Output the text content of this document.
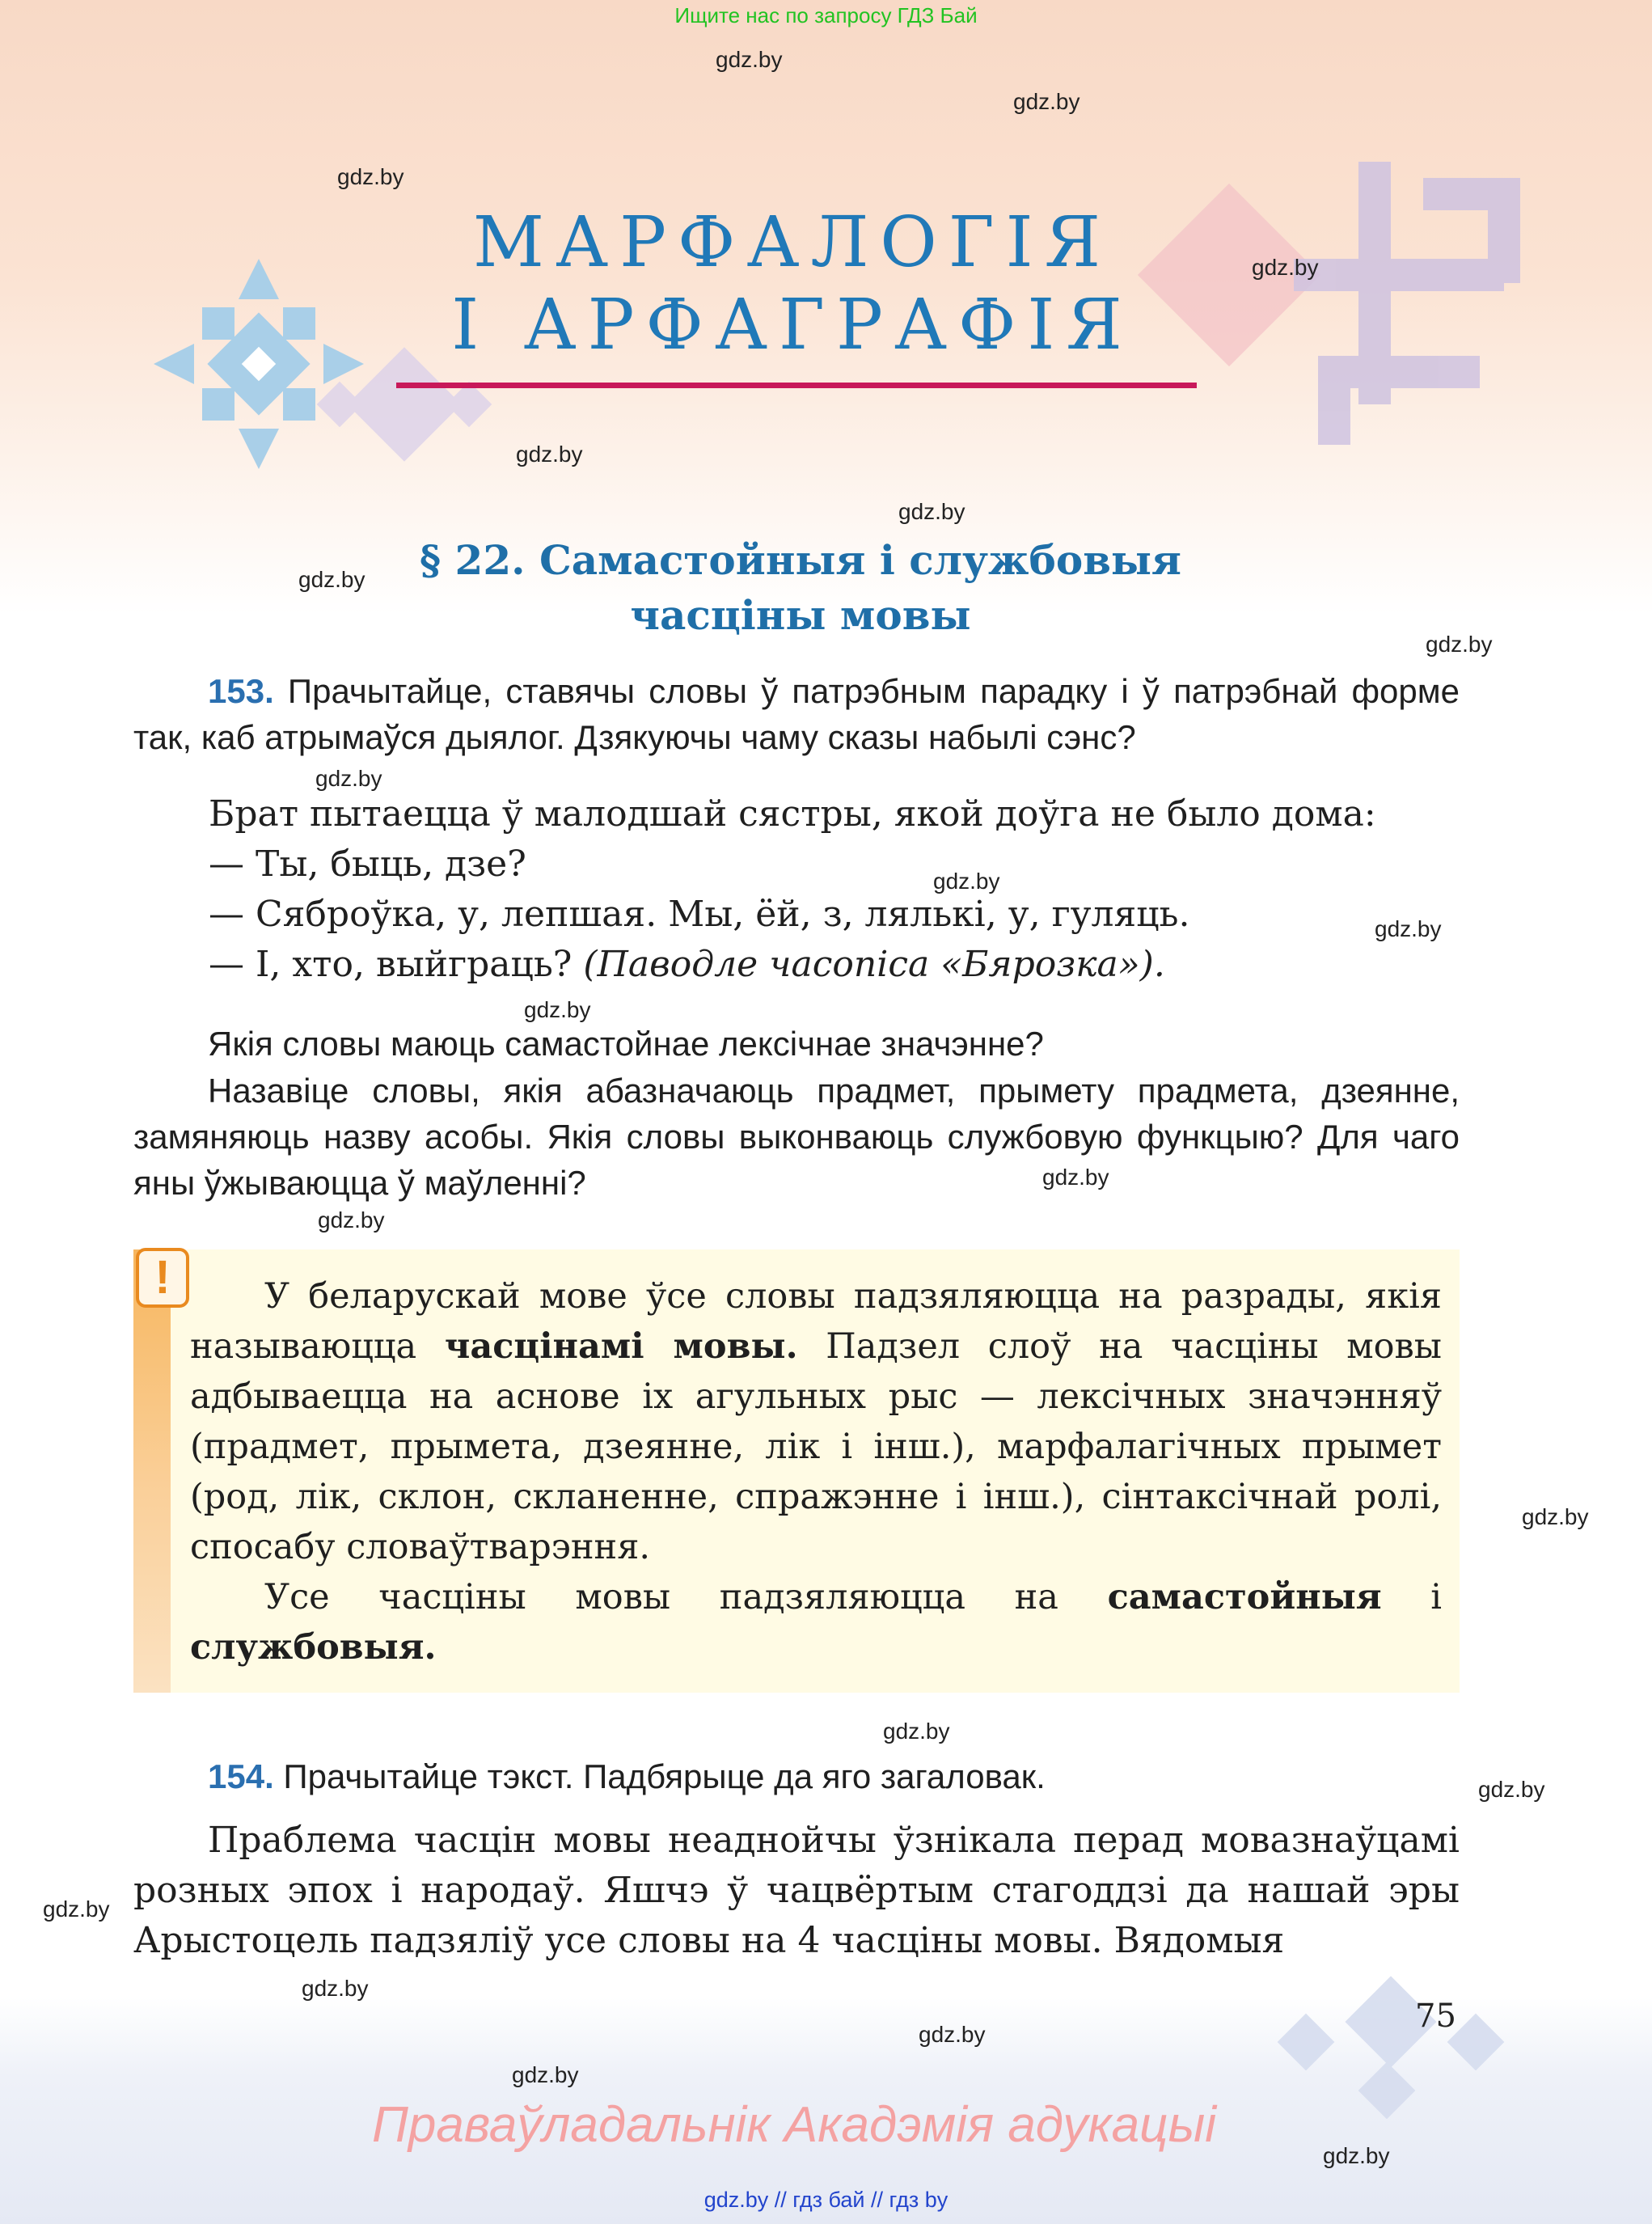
Ищите нас по запросу ГДЗ Бай
gdz.by
gdz.by
gdz.by
gdz.by
gdz.by
gdz.by
gdz.by
gdz.by
gdz.by
gdz.by
gdz.by
gdz.by
gdz.by
gdz.by
gdz.by
gdz.by
gdz.by
gdz.by
gdz.by
gdz.by
gdz.by
gdz.by
МАРФАЛОГІЯ
І АРФАГРАФІЯ
§ 22. Самастойныя і службовыя
часціны мовы
153. Прачытайце, ставячы словы ў патрэбным парадку і ў патрэбнай форме так, каб атрымаўся дыялог. Дзякуючы чаму сказы набылі сэнс?
Брат пытаецца ў малодшай сястры, якой доўга не было дома:
— Ты, быць, дзе?
— Сяброўка, у, лепшая. Мы, ёй, з, лялькі, у, гуляць.
— І, хто, выйграць? (Паводле часопіса «Бярозка»).
Якія словы маюць самастойнае лексічнае значэнне?
Назавіце словы, якія абазначаюць прадмет, прымету прадмета, дзеянне, замяняюць назву асобы. Якія словы выконваюць службовую функцыю? Для чаго яны ўжываюцца ў маўленні?
!	У беларускай мове ўсе словы падзяляюцца на разрады, якія называюцца часцінамі мовы. Падзел слоў на часціны мовы адбываецца на аснове іх агульных рыс — лексічных значэнняў (прадмет, прымета, дзеянне, лік і інш.), марфалагічных прымет (род, лік, склон, скланенне, спражэнне і інш.), сінтаксічнай ролі, спосабу словаўтварэння.

Усе часціны мовы падзяляюцца на самастойныя і службовыя.

154. Прачытайце тэкст. Падбярыце да яго загаловак.
Праблема часцін мовы неаднойчы ўзнікала перад мовазнаўцамі розных эпох і народаў. Яшчэ ў чацвёртым стагоддзі да нашай эры Арыстоцель падзяліў усе словы на 4 часціны мовы. Вядомыя
75
Праваўладальнік Акадэмія адукацыі
gdz.by // гдз бай // гдз by
